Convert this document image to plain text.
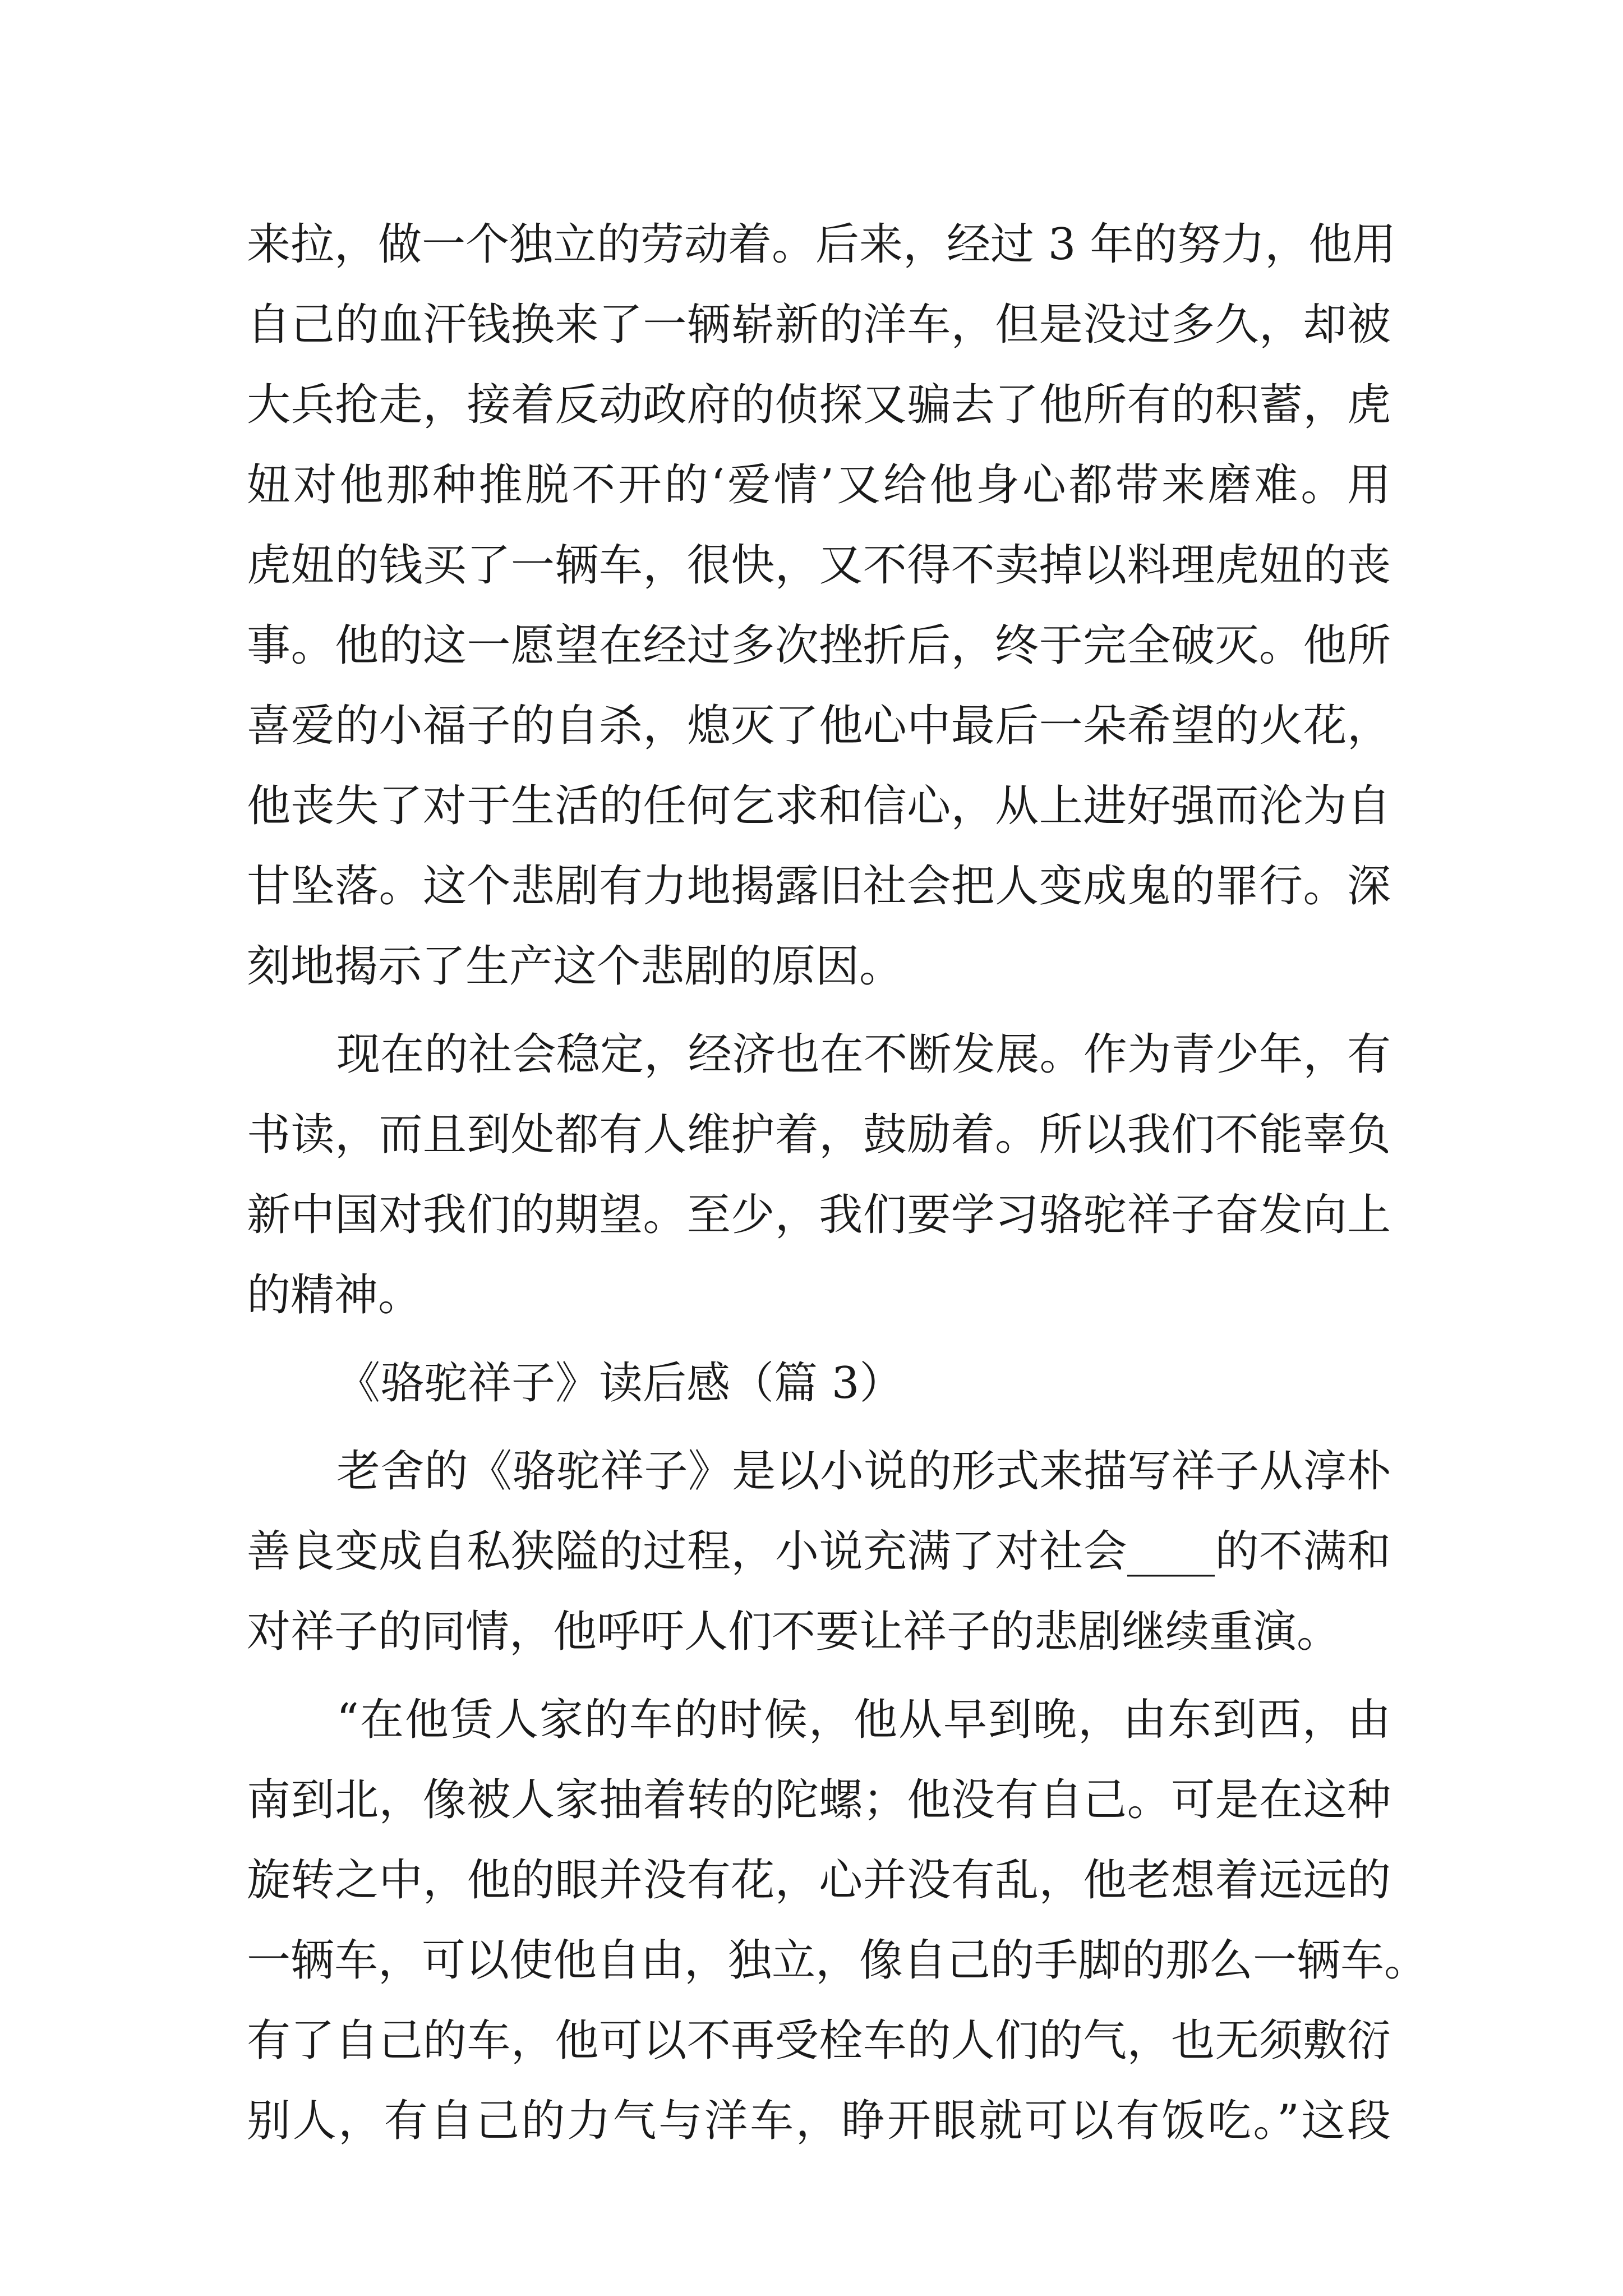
来拉，做一个独立的劳动着。后来，经过 3 年的努力，他用
自己的血汗钱换来了一辆崭新的洋车，但是没过多久，却被
大兵抢走，接着反动政府的侦探又骗去了他所有的积蓄，虎
妞对他那种推脱不开的‘爱情’又给他身心都带来磨难。用
虎妞的钱买了一辆车，很快，又不得不卖掉以料理虎妞的丧
事。他的这一愿望在经过多次挫折后，终于完全破灭。他所
喜爱的小福子的自杀，熄灭了他心中最后一朵希望的火花，
他丧失了对于生活的任何乞求和信心，从上进好强而沦为自
甘坠落。这个悲剧有力地揭露旧社会把人变成鬼的罪行。深
刻地揭示了生产这个悲剧的原因。
现在的社会稳定，经济也在不断发展。作为青少年，有
书读，而且到处都有人维护着，鼓励着。所以我们不能辜负
新中国对我们的期望。至少，我们要学习骆驼祥子奋发向上
的精神。
《骆驼祥子》读后感（篇 3）
老舍的《骆驼祥子》是以小说的形式来描写祥子从淳朴
善良变成自私狭隘的过程，小说充满了对社会____的不满和
对祥子的同情，他呼吁人们不要让祥子的悲剧继续重演。
“在他赁人家的车的时候，他从早到晚，由东到西，由
南到北，像被人家抽着转的陀螺；他没有自己。可是在这种
旋转之中，他的眼并没有花，心并没有乱，他老想着远远的
一辆车，可以使他自由，独立，像自己的手脚的那么一辆车。
有了自己的车，他可以不再受栓车的人们的气，也无须敷衍
别人，有自己的力气与洋车，睁开眼就可以有饭吃。”这段
